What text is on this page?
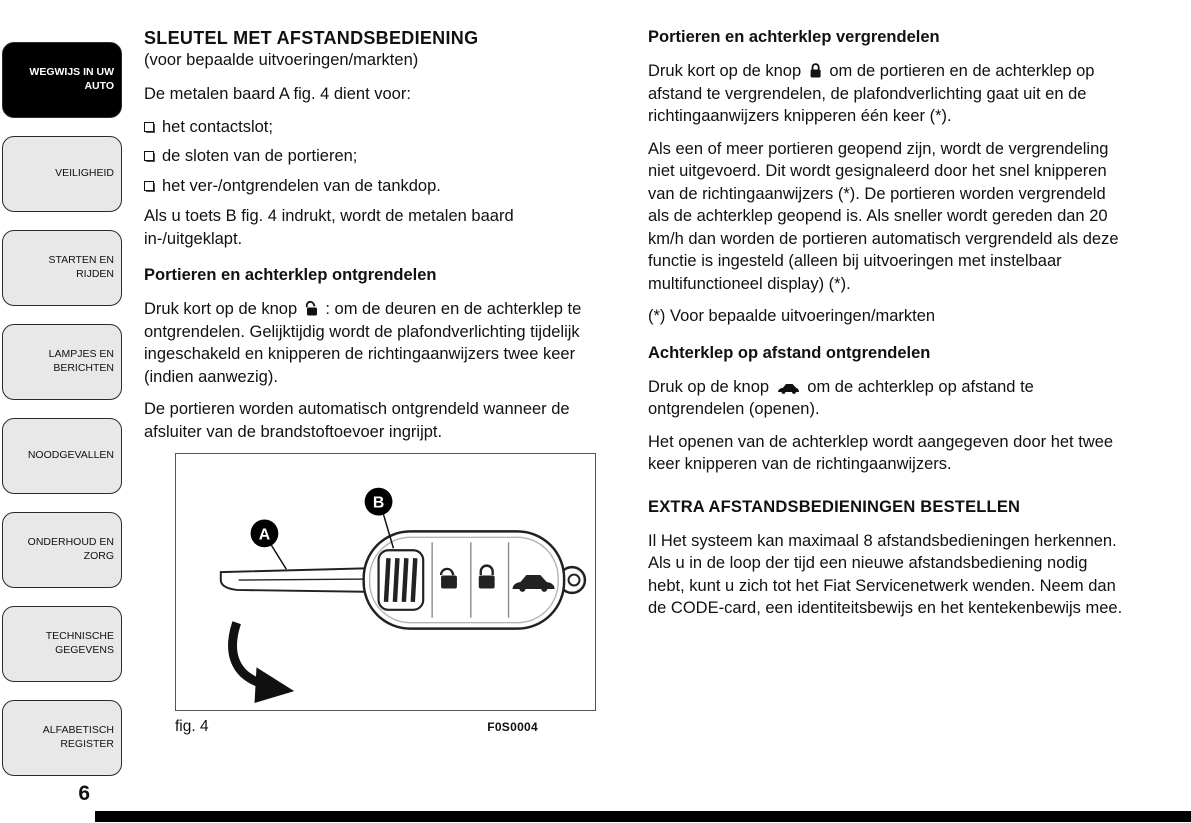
WEGWIJS IN UW AUTO
VEILIGHEID
STARTEN EN RIJDEN
LAMPJES EN BERICHTEN
NOODGEVALLEN
ONDERHOUD EN ZORG
TECHNISCHE GEGEVENS
ALFABETISCH REGISTER
6
SLEUTEL MET AFSTANDSBEDIENING
(voor bepaalde uitvoeringen/markten)

De metalen baard A fig. 4 dient voor:

het contactslot;
de sloten van de portieren;
het ver-/ontgrendelen van de tankdop.

Als u toets B fig. 4 indrukt, wordt de metalen baard in-/uitgeklapt.

Portieren en achterklep ontgrendelen

Druk kort op de knop : om de deuren en de achterklep te ontgrendelen. Gelijktijdig wordt de plafondverlichting tijdelijk ingeschakeld en knipperen de richtingaanwijzers twee keer (indien aanwezig).

De portieren worden automatisch ontgrendeld wanneer de afsluiter van de brandstoftoevoer ingrijpt.

A
B
fig. 4	F0S0004
Portieren en achterklep vergrendelen

Druk kort op de knop om de portieren en de achterklep op afstand te vergrendelen, de plafondverlichting gaat uit en de richtingaanwijzers knipperen één keer (*).

Als een of meer portieren geopend zijn, wordt de vergrendeling niet uitgevoerd. Dit wordt gesignaleerd door het snel knipperen van de richtingaanwijzers (*). De portieren worden vergrendeld als de achterklep geopend is. Als sneller wordt gereden dan 20 km/h dan worden de portieren automatisch vergrendeld als deze functie is ingesteld (alleen bij uitvoeringen met instelbaar multifunctioneel display) (*).

(*) Voor bepaalde uitvoeringen/markten

Achterklep op afstand ontgrendelen

Druk op de knop om de achterklep op afstand te ontgrendelen (openen).

Het openen van de achterklep wordt aangegeven door het twee keer knipperen van de richtingaanwijzers.

EXTRA AFSTANDSBEDIENINGEN BESTELLEN

Il Het systeem kan maximaal 8 afstandsbedieningen herkennen. Als u in de loop der tijd een nieuwe afstandsbediening nodig hebt, kunt u zich tot het Fiat Servicenetwerk wenden. Neem dan de CODE-card, een identiteitsbewijs en het kentekenbewijs mee.
